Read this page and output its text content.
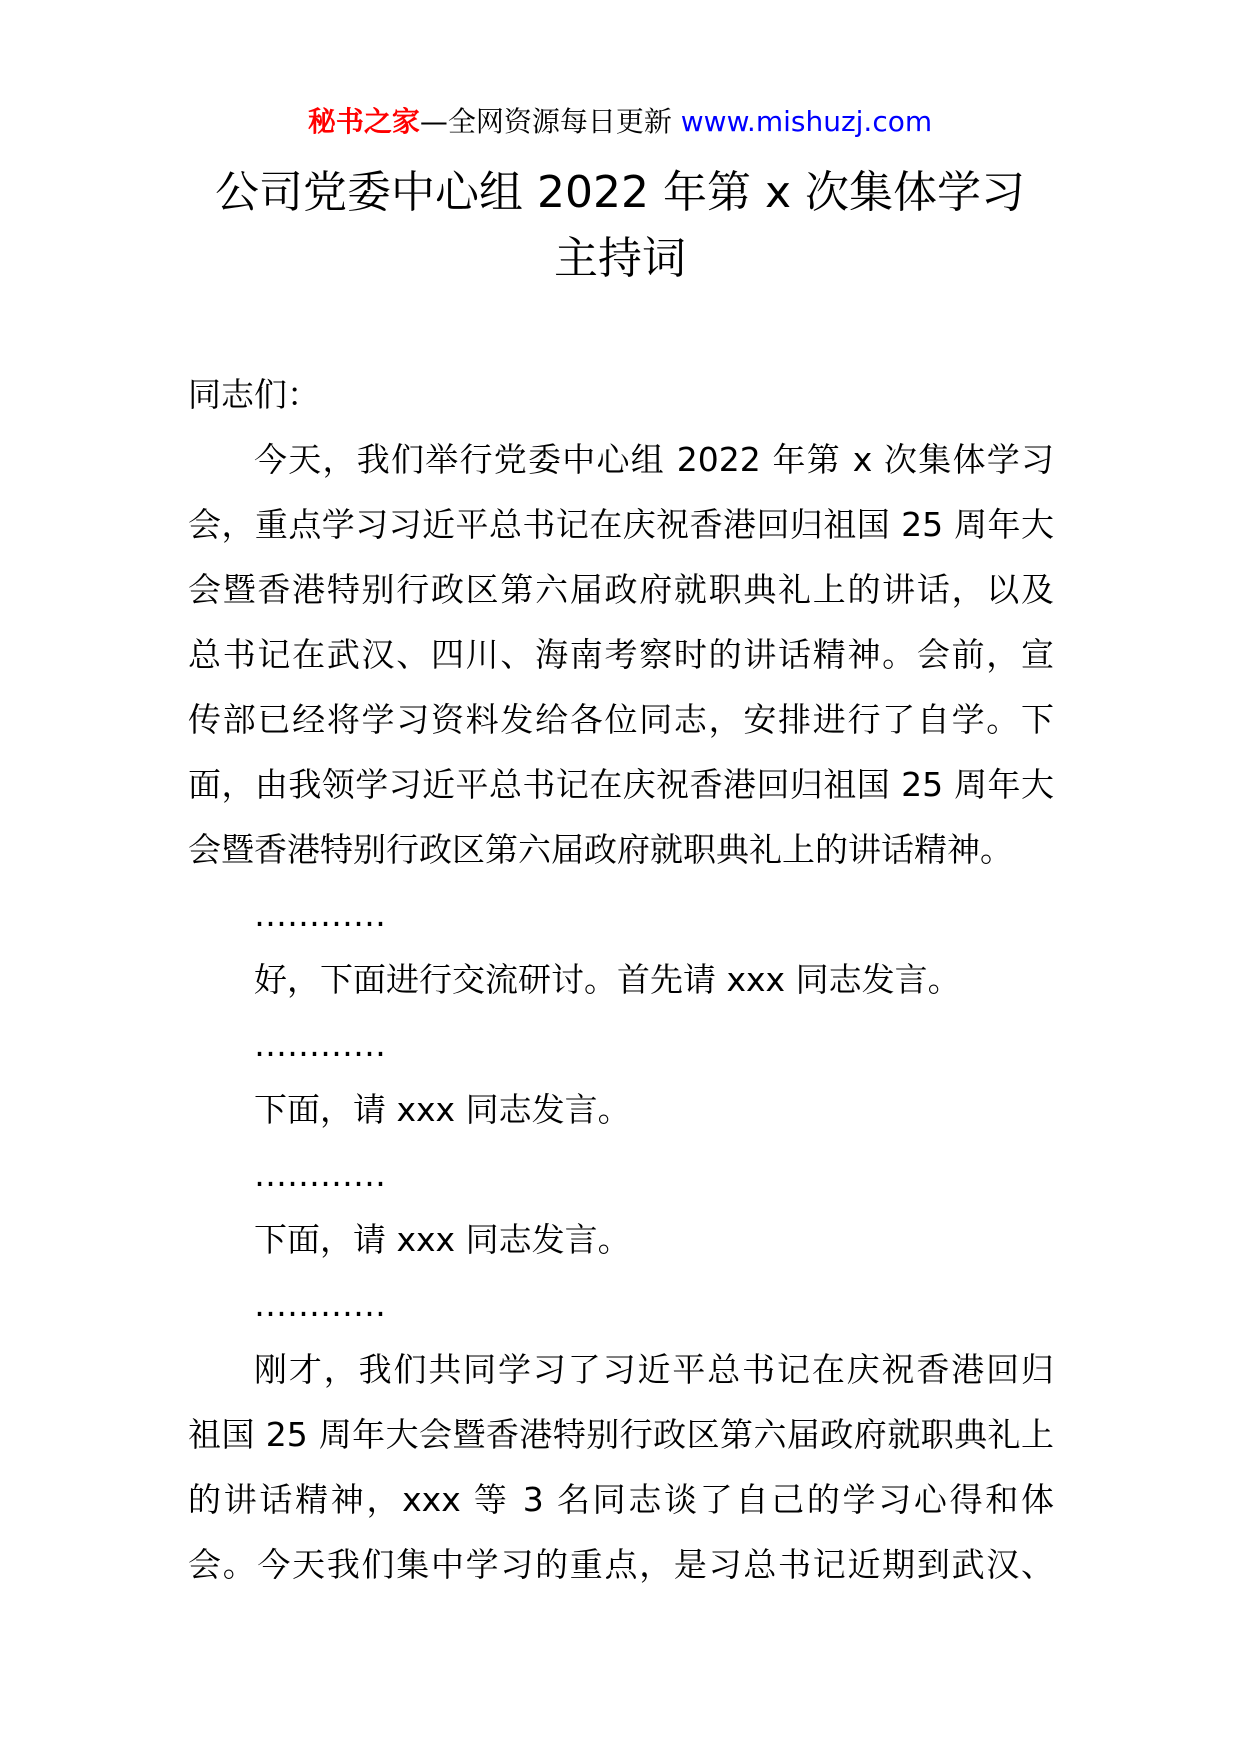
秘书之家—全网资源每日更新 www.mishuzj.com
公司党委中心组 2022 年第 x 次集体学习
主持词
同志们：
今天，我们举行党委中心组 2022 年第 x 次集体学习
会，重点学习习近平总书记在庆祝香港回归祖国 25 周年大
会暨香港特别行政区第六届政府就职典礼上的讲话，以及
总书记在武汉、四川、海南考察时的讲话精神。会前，宣
传部已经将学习资料发给各位同志，安排进行了自学。下
面，由我领学习近平总书记在庆祝香港回归祖国 25 周年大
会暨香港特别行政区第六届政府就职典礼上的讲话精神。
…………
好，下面进行交流研讨。首先请 xxx 同志发言。
…………
下面，请 xxx 同志发言。
…………
下面，请 xxx 同志发言。
…………
刚才，我们共同学习了习近平总书记在庆祝香港回归
祖国 25 周年大会暨香港特别行政区第六届政府就职典礼上
的讲话精神，xxx 等 3 名同志谈了自己的学习心得和体
会。今天我们集中学习的重点，是习总书记近期到武汉、
